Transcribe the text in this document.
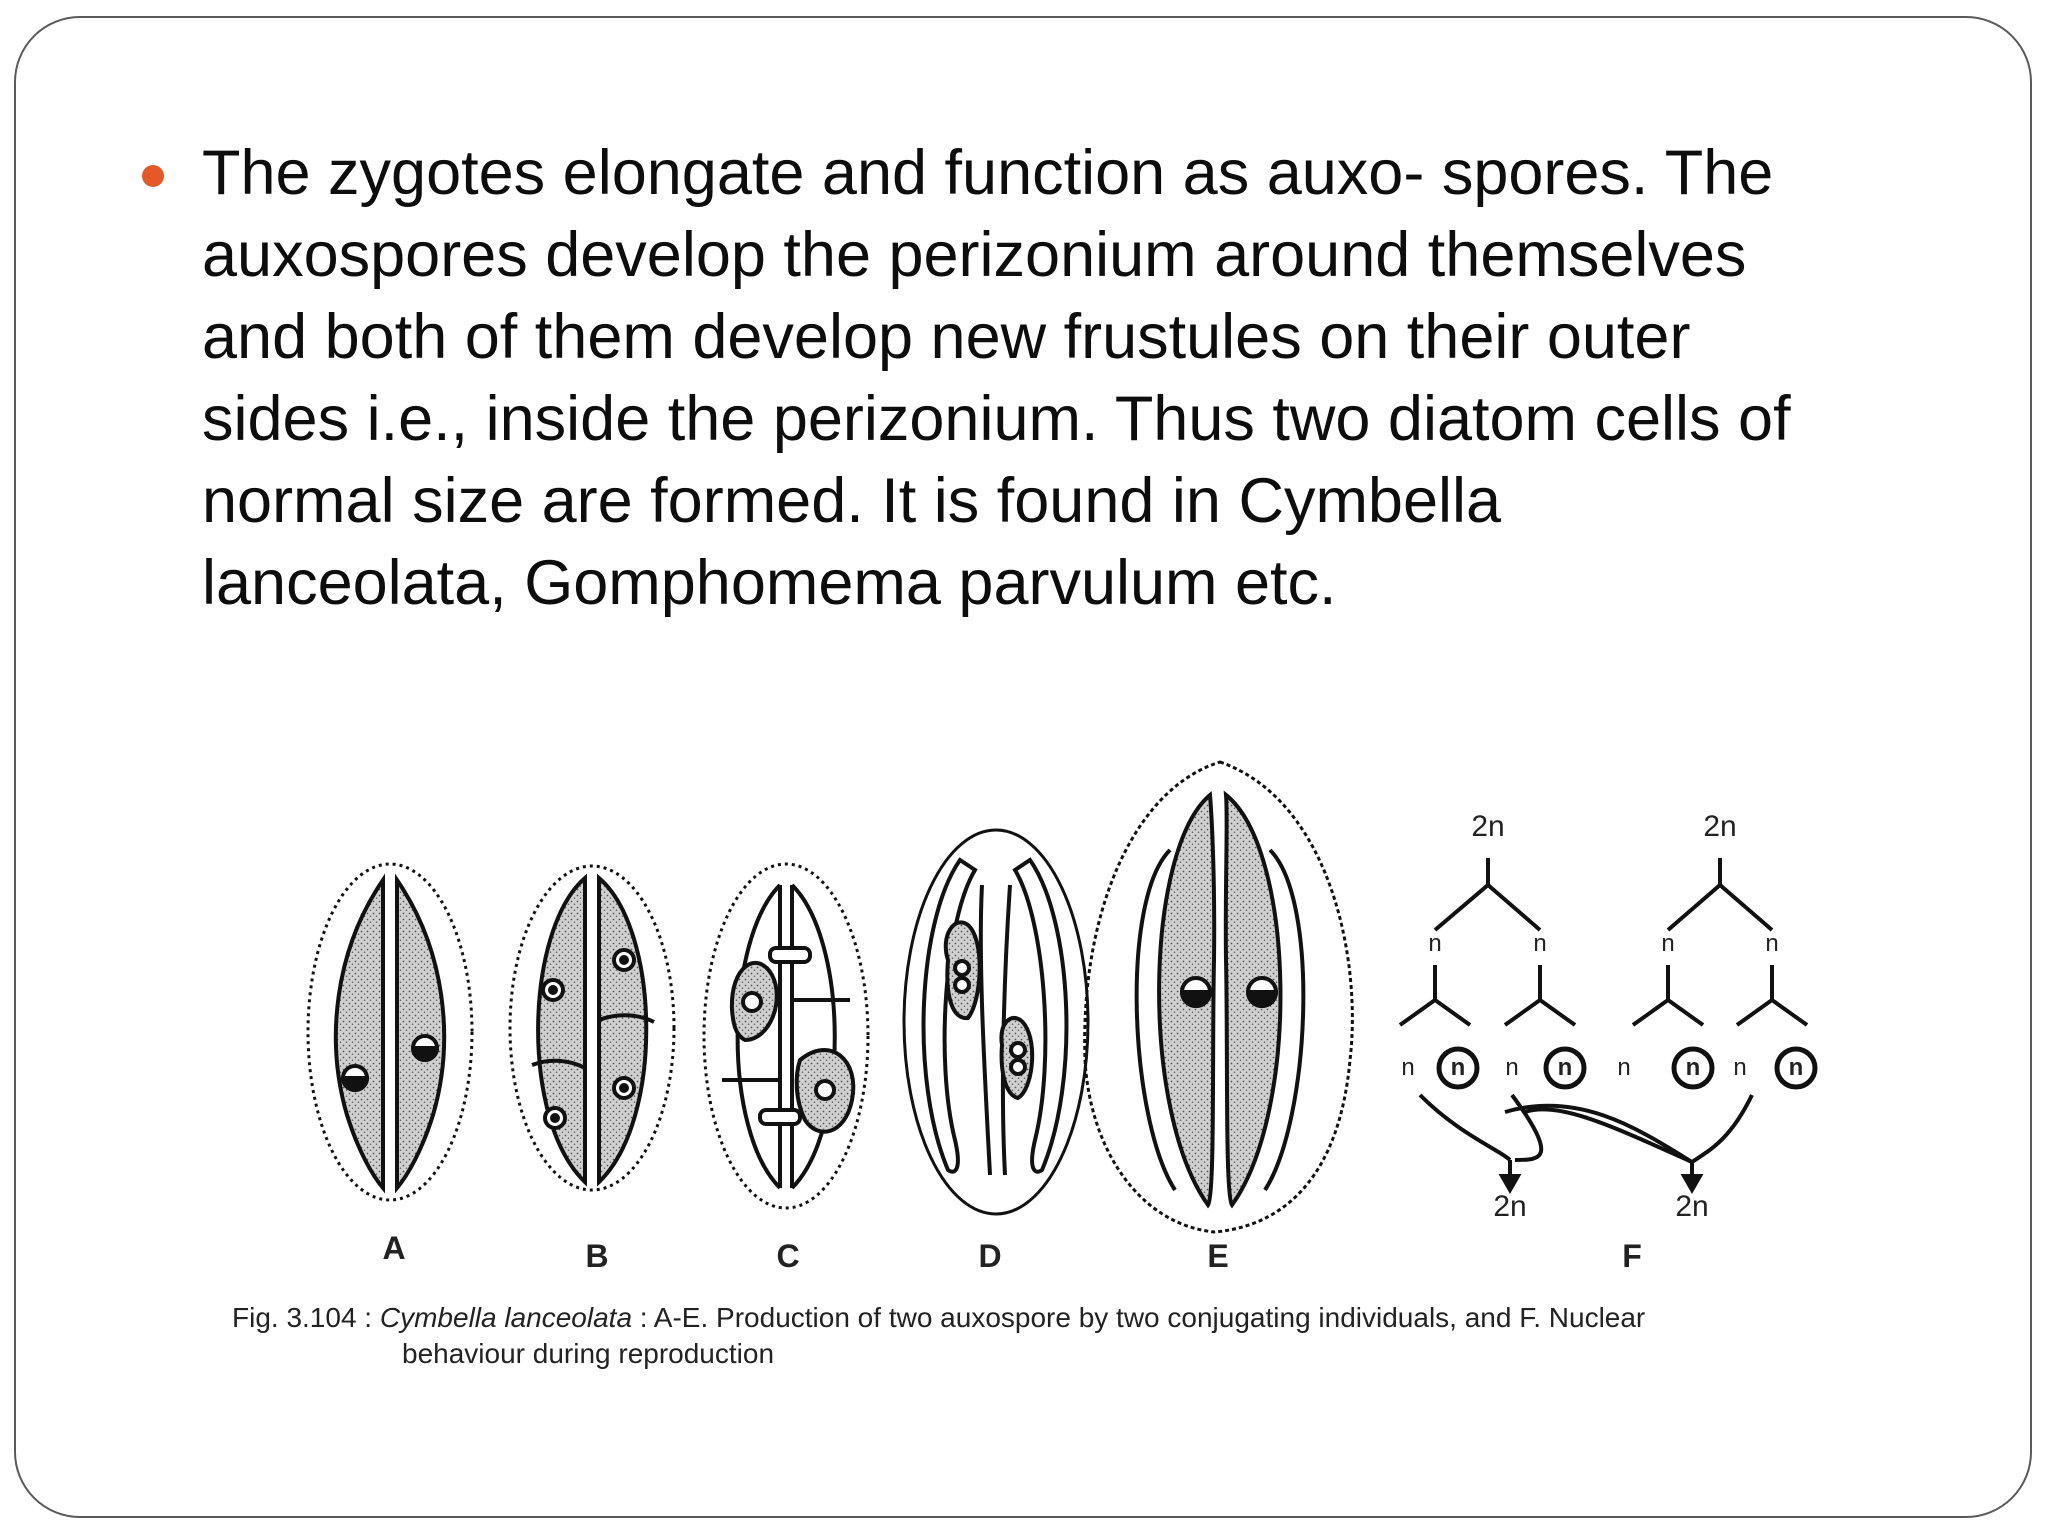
The zygotes elongate and function as auxo- spores. The
auxospores develop the perizonium around themselves
and both of them develop new frustules on their outer
sides i.e., inside the perizonium. Thus two diatom cells of
normal size are formed. It is found in Cymbella
lanceolata, Gomphomema parvulum etc.
A	B	C	D	E	F
2n	2n
2n	2n
n	n	n	n
n	n	n	n
n	n	n	n
Fig. 3.104 : Cymbella lanceolata : A-E. Production of two auxospore by two conjugating individuals, and F. Nuclear
behaviour during reproduction
